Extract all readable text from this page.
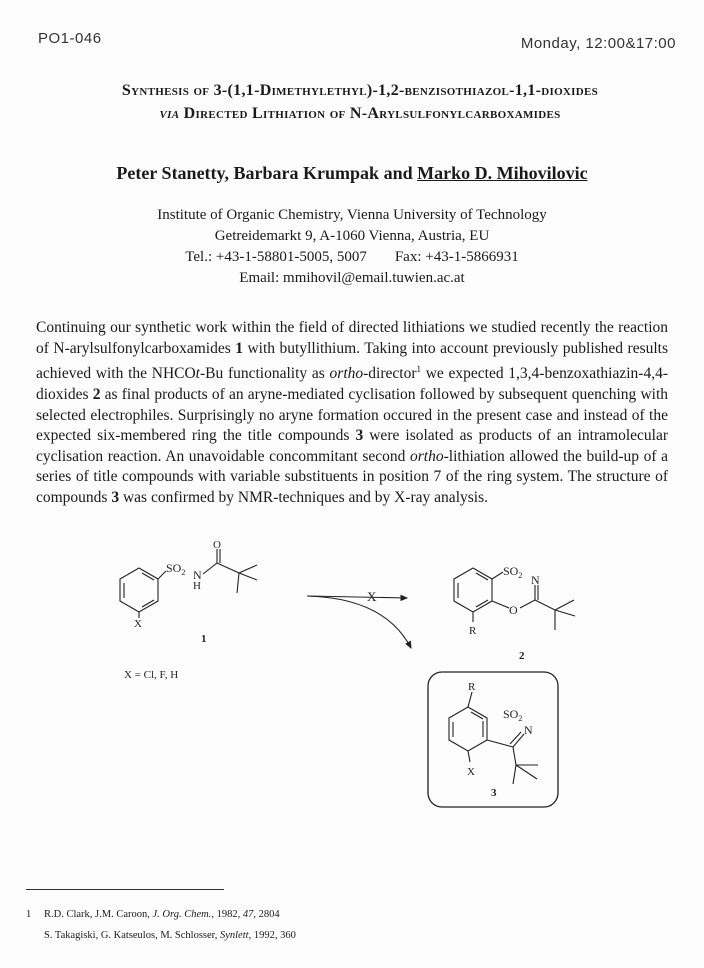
PO1-046	Monday, 12:00&17:00
Synthesis of 3-(1,1-Dimethylethyl)-1,2-benzisothiazol-1,1-dioxides
via Directed Lithiation of N-Arylsulfonylcarboxamides
Peter Stanetty, Barbara Krumpak and Marko D. Mihovilovic
Institute of Organic Chemistry, Vienna University of Technology
Getreidemarkt 9, A-1060 Vienna, Austria, EU
Tel.: +43-1-58801-5005, 5007 Fax: +43-1-5866931
Email: mmihovil@email.tuwien.ac.at
Continuing our synthetic work within the field of directed lithiations we studied recently the reaction of N-arylsulfonylcarboxamides 1 with butyllithium. Taking into account previously published results achieved with the NHCOt-Bu functionality as ortho-director$^1$ we expected 1,3,4-benzoxathiazin-4,4-dioxides 2 as final products of an aryne-mediated cyclisation followed by subsequent quenching with selected electrophiles. Surprisingly no aryne formation occured in the present case and instead of the expected six-membered ring the title compounds 3 were isolated as products of an intramolecular cyclisation reaction. An unavoidable concommitant second ortho-lithiation allowed the build-up of a series of title compounds with variable substituents in position 7 of the ring system. The structure of compounds 3 was confirmed by NMR-techniques and by X-ray analysis.
$SO_2$ N
H
O
X
1
X = Cl, F, H
X
$SO_2$ N
O
R
2
$SO_2$
N
R
X
3
1 R.D. Clark, J.M. Caroon, J. Org. Chem., 1982, 47, 2804
S. Takagiski, G. Katseulos, M. Schlosser, Synlett, 1992, 360
